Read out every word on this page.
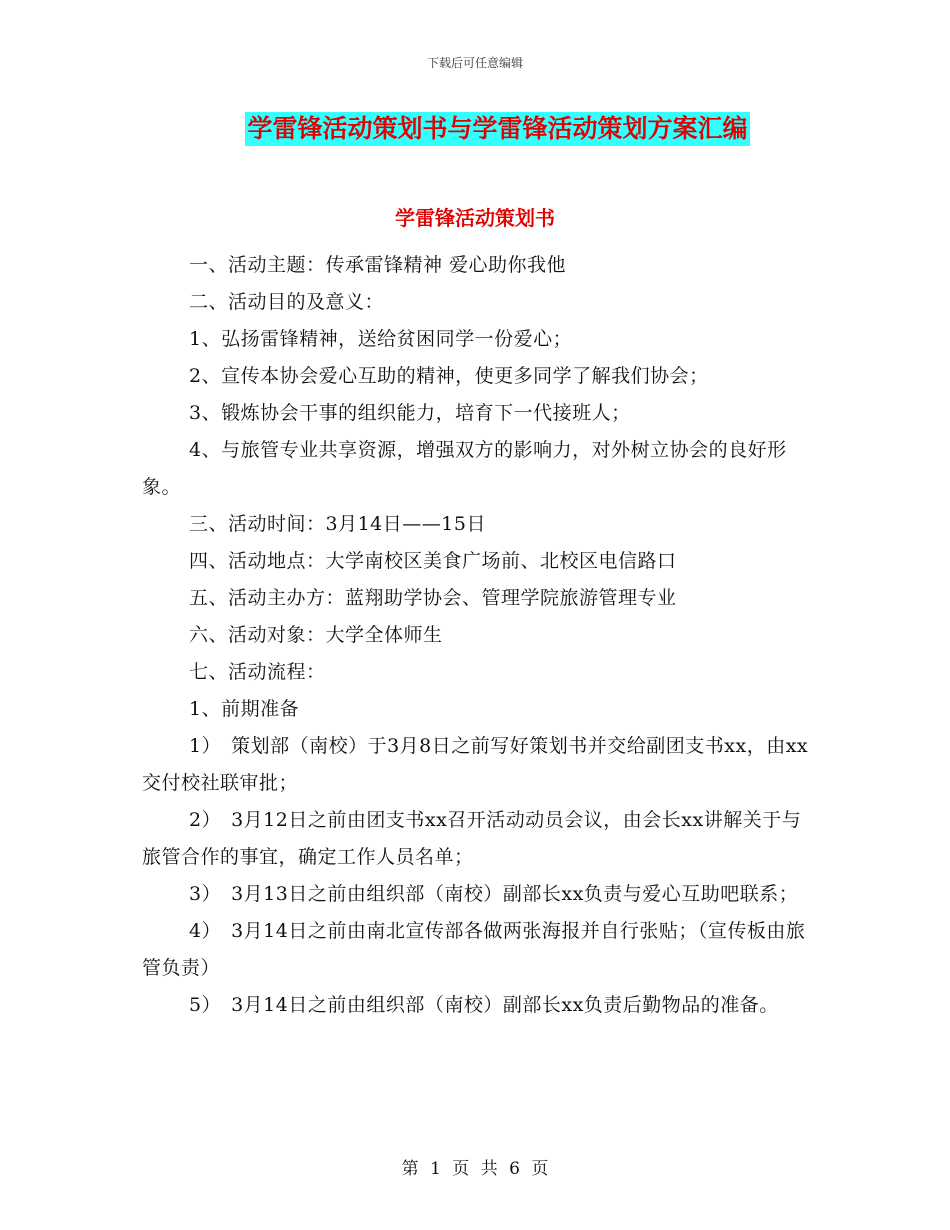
下载后可任意编辑
学雷锋活动策划书与学雷锋活动策划方案汇编
学雷锋活动策划书

一、活动主题：传承雷锋精神 爱心助你我他

二、活动目的及意义：

1、弘扬雷锋精神，送给贫困同学一份爱心；

2、宣传本协会爱心互助的精神，使更多同学了解我们协会；

3、锻炼协会干事的组织能力，培育下一代接班人；

4、与旅管专业共享资源，增强双方的影响力，对外树立协会的良好形象。

三、活动时间：3月14日——15日

四、活动地点：大学南校区美食广场前、北校区电信路口

五、活动主办方：蓝翔助学协会、管理学院旅游管理专业

六、活动对象：大学全体师生

七、活动流程：

1、前期准备

1）　策划部（南校）于3月8日之前写好策划书并交给副团支书xx，由xx交付校社联审批；

2）　3月12日之前由团支书xx召开活动动员会议，由会长xx讲解关于与旅管合作的事宜，确定工作人员名单；

3）　3月13日之前由组织部（南校）副部长xx负责与爱心互助吧联系；

4）　3月14日之前由南北宣传部各做两张海报并自行张贴；（宣传板由旅管负责）

5）　3月14日之前由组织部（南校）副部长xx负责后勤物品的准备。

第 1 页 共 6 页
